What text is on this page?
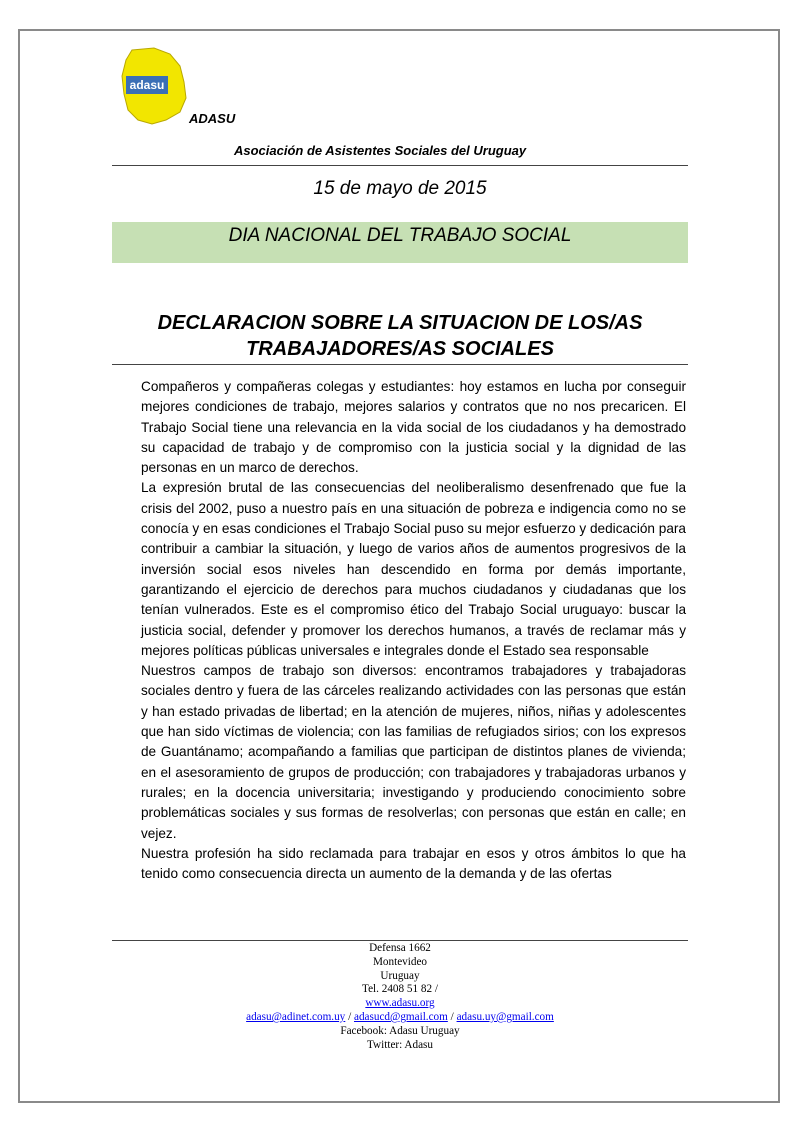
adasu
ADASU
Asociación de Asistentes Sociales del Uruguay
15 de mayo de 2015
DIA NACIONAL DEL TRABAJO SOCIAL
DECLARACION SOBRE LA SITUACION DE LOS/AS
TRABAJADORES/AS SOCIALES

Compañeros y compañeras colegas y estudiantes: hoy estamos en lucha por conseguir mejores condiciones de trabajo, mejores salarios y contratos que no nos precaricen. El Trabajo Social tiene una relevancia en la vida social de los ciudadanos y ha demostrado su capacidad de trabajo y de compromiso con la justicia social y la dignidad de las personas en un marco de derechos.

La expresión brutal de las consecuencias del neoliberalismo desenfrenado que fue la crisis del 2002, puso a nuestro país en una situación de pobreza e indigencia como no se conocía y en esas condiciones el Trabajo Social puso su mejor esfuerzo y dedicación para contribuir a cambiar la situación, y luego de varios años de aumentos progresivos de la inversión social esos niveles han descendido en forma por demás importante, garantizando el ejercicio de derechos para muchos ciudadanos y ciudadanas que los tenían vulnerados. Este es el compromiso ético del Trabajo Social uruguayo: buscar la justicia social, defender y promover los derechos humanos, a través de reclamar más y mejores políticas públicas universales e integrales donde el Estado sea responsable

Nuestros campos de trabajo son diversos: encontramos trabajadores y trabajadoras sociales dentro y fuera de las cárceles realizando actividades con las personas que están y han estado privadas de libertad; en la atención de mujeres, niños, niñas y adolescentes que han sido víctimas de violencia; con las familias de refugiados sirios; con los expresos de Guantánamo; acompañando a familias que participan de distintos planes de vivienda; en el asesoramiento de grupos de producción; con trabajadores y trabajadoras urbanos y rurales; en la docencia universitaria; investigando y produciendo conocimiento sobre problemáticas sociales y sus formas de resolverlas; con personas que están en calle; en vejez.

Nuestra profesión ha sido reclamada para trabajar en esos y otros ámbitos lo que ha tenido como consecuencia directa un aumento de la demanda y de las ofertas

Defensa 1662
Montevideo
Uruguay
Tel. 2408 51 82 /
www.adasu.org
adasu@adinet.com.uy / adasucd@gmail.com / adasu.uy@gmail.com
Facebook: Adasu Uruguay
Twitter: Adasu
